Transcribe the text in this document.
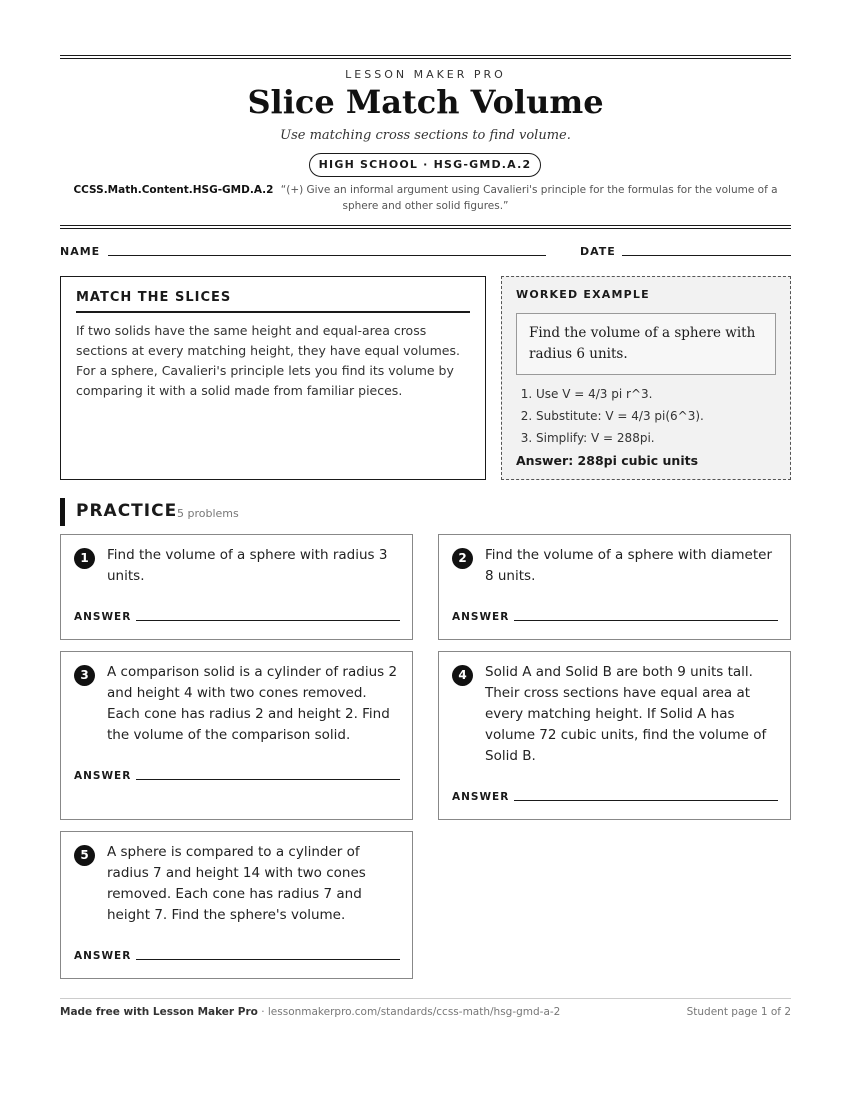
LESSON MAKER PRO
Slice Match Volume
Use matching cross sections to find volume.
HIGH SCHOOL · HSG-GMD.A.2
CCSS.Math.Content.HSG-GMD.A.2 “(+) Give an informal argument using Cavalieri's principle for the formulas for the volume of a sphere and other solid figures.”
NAME	DATE
MATCH THE SLICES

If two solids have the same height and equal-area cross sections at every matching height, they have equal volumes. For a sphere, Cavalieri's principle lets you find its volume by comparing it with a solid made from familiar pieces.

WORKED EXAMPLE
Find the volume of a sphere with radius 6 units.
1. Use V = 4/3 pi r^3.
2. Substitute: V = 4/3 pi(6^3).
3. Simplify: V = 288pi.
Answer: 288pi cubic units
PRACTICE 5 problems
1	Find the volume of a sphere with radius 3 units.
ANSWER
2	Find the volume of a sphere with diameter 8 units.
ANSWER
3	A comparison solid is a cylinder of radius 2 and height 4 with two cones removed. Each cone has radius 2 and height 2. Find the volume of the comparison solid.
ANSWER
4	Solid A and Solid B are both 9 units tall. Their cross sections have equal area at every matching height. If Solid A has volume 72 cubic units, find the volume of Solid B.
ANSWER
5	A sphere is compared to a cylinder of radius 7 and height 14 with two cones removed. Each cone has radius 7 and height 7. Find the sphere's volume.
ANSWER
Made free with Lesson Maker Pro · lessonmakerpro.com/standards/ccss-math/hsg-gmd-a-2	Student page 1 of 2
